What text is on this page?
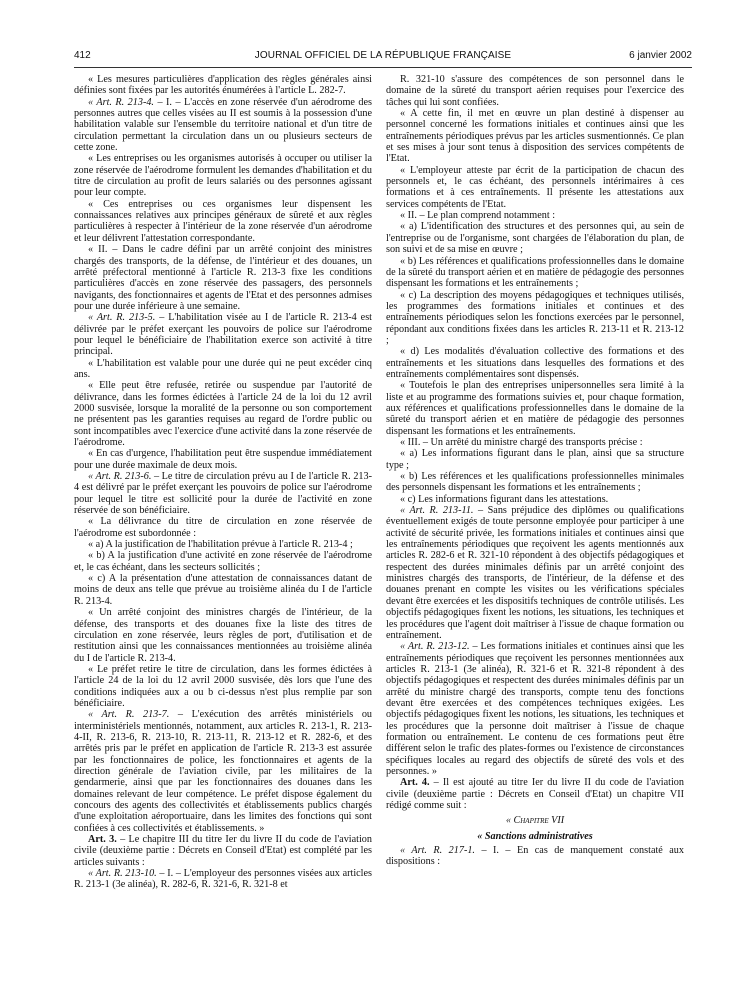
412	JOURNAL OFFICIEL DE LA RÉPUBLIQUE FRANÇAISE	6 janvier 2002

« Les mesures particulières d'application des règles générales ainsi définies sont fixées par les autorités énumérées à l'article L. 282-7.

« Art. R. 213-4. – I. – L'accès en zone réservée d'un aérodrome des personnes autres que celles visées au II est soumis à la possession d'une habilitation valable sur l'ensemble du territoire national et d'un titre de circulation permettant la circulation dans un ou plusieurs secteurs de cette zone.

« Les entreprises ou les organismes autorisés à occuper ou utiliser la zone réservée de l'aérodrome formulent les demandes d'habilitation et du titre de circulation au profit de leurs salariés ou des personnes agissant pour leur compte.

« Ces entreprises ou ces organismes leur dispensent les connaissances relatives aux principes généraux de sûreté et aux règles particulières à respecter à l'intérieur de la zone réservée d'un aérodrome et leur délivrent l'attestation correspondante.

« II. – Dans le cadre défini par un arrêté conjoint des ministres chargés des transports, de la défense, de l'intérieur et des douanes, un arrêté préfectoral mentionné à l'article R. 213-3 fixe les conditions particulières d'accès en zone réservée des passagers, des personnels navigants, des fonctionnaires et agents de l'Etat et des personnes admises pour une durée inférieure à une semaine.

« Art. R. 213-5. – L'habilitation visée au I de l'article R. 213-4 est délivrée par le préfet exerçant les pouvoirs de police sur l'aérodrome pour lequel le bénéficiaire de l'habilitation exerce son activité à titre principal.

« L'habilitation est valable pour une durée qui ne peut excéder cinq ans.

« Elle peut être refusée, retirée ou suspendue par l'autorité de délivrance, dans les formes édictées à l'article 24 de la loi du 12 avril 2000 susvisée, lorsque la moralité de la personne ou son comportement ne présentent pas les garanties requises au regard de l'ordre public ou sont incompatibles avec l'exercice d'une activité dans la zone réservée de l'aérodrome.

« En cas d'urgence, l'habilitation peut être suspendue immédiatement pour une durée maximale de deux mois.

« Art. R. 213-6. – Le titre de circulation prévu au I de l'article R. 213-4 est délivré par le préfet exerçant les pouvoirs de police sur l'aérodrome pour lequel le titre est sollicité pour la durée de l'activité en zone réservée de son bénéficiaire.

« La délivrance du titre de circulation en zone réservée de l'aérodrome est subordonnée :

« a) A la justification de l'habilitation prévue à l'article R. 213-4 ;

« b) A la justification d'une activité en zone réservée de l'aérodrome et, le cas échéant, dans les secteurs sollicités ;

« c) A la présentation d'une attestation de connaissances datant de moins de deux ans telle que prévue au troisième alinéa du I de l'article R. 213-4.

« Un arrêté conjoint des ministres chargés de l'intérieur, de la défense, des transports et des douanes fixe la liste des titres de circulation en zone réservée, leurs règles de port, d'utilisation et de restitution ainsi que les connaissances mentionnées au troisième alinéa du I de l'article R. 213-4.

« Le préfet retire le titre de circulation, dans les formes édictées à l'article 24 de la loi du 12 avril 2000 susvisée, dès lors que l'une des conditions indiquées aux a ou b ci-dessus n'est plus remplie par son bénéficiaire.

« Art. R. 213-7. – L'exécution des arrêtés ministériels ou interministériels mentionnés, notamment, aux articles R. 213-1, R. 213-4-II, R. 213-6, R. 213-10, R. 213-11, R. 213-12 et R. 282-6, et des arrêtés pris par le préfet en application de l'article R. 213-3 est assurée par les fonctionnaires de police, les fonctionnaires et agents de la direction générale de l'aviation civile, par les militaires de la gendarmerie, ainsi que par les fonctionnaires des douanes dans les domaines relevant de leur compétence. Le préfet dispose également du concours des agents des collectivités et établissements publics chargés d'une exploitation aéroportuaire, dans les limites des fonctions qui sont confiées à ces collectivités et établissements. »

Art. 3. – Le chapitre III du titre Ier du livre II du code de l'aviation civile (deuxième partie : Décrets en Conseil d'Etat) est complété par les articles suivants :

« Art. R. 213-10. – I. – L'employeur des personnes visées aux articles R. 213-1 (3e alinéa), R. 282-6, R. 321-6, R. 321-8 et

R. 321-10 s'assure des compétences de son personnel dans le domaine de la sûreté du transport aérien requises pour l'exercice des tâches qui lui sont confiées.

« A cette fin, il met en œuvre un plan destiné à dispenser au personnel concerné les formations initiales et continues ainsi que les entraînements périodiques prévus par les articles susmentionnés. Ce plan et ses mises à jour sont tenus à disposition des services compétents de l'Etat.

« L'employeur atteste par écrit de la participation de chacun des personnels et, le cas échéant, des personnels intérimaires à ces formations et à ces entraînements. Il présente les attestations aux services compétents de l'Etat.

« II. – Le plan comprend notamment :

« a) L'identification des structures et des personnes qui, au sein de l'entreprise ou de l'organisme, sont chargées de l'élaboration du plan, de son suivi et de sa mise en œuvre ;

« b) Les références et qualifications professionnelles dans le domaine de la sûreté du transport aérien et en matière de pédagogie des personnes dispensant les formations et les entraînements ;

« c) La description des moyens pédagogiques et techniques utilisés, les programmes des formations initiales et continues et des entraînements périodiques selon les fonctions exercées par le personnel, répondant aux conditions fixées dans les articles R. 213-11 et R. 213-12 ;

« d) Les modalités d'évaluation collective des formations et des entraînements et les situations dans lesquelles des formations et des entraînements complémentaires sont dispensés.

« Toutefois le plan des entreprises unipersonnelles sera limité à la liste et au programme des formations suivies et, pour chaque formation, aux références et qualifications professionnelles dans le domaine de la sûreté du transport aérien et en matière de pédagogie des personnes dispensant les formations et les entraînements.

« III. – Un arrêté du ministre chargé des transports précise :

« a) Les informations figurant dans le plan, ainsi que sa structure type ;

« b) Les références et les qualifications professionnelles minimales des personnels dispensant les formations et les entraînements ;

« c) Les informations figurant dans les attestations.

« Art. R. 213-11. – Sans préjudice des diplômes ou qualifications éventuellement exigés de toute personne employée pour participer à une activité de sécurité privée, les formations initiales et continues ainsi que les entraînements périodiques que reçoivent les agents mentionnés aux articles R. 282-6 et R. 321-10 répondent à des objectifs pédagogiques et respectent des durées minimales définis par un arrêté conjoint des ministres chargés des transports, de l'intérieur, de la défense et des douanes prenant en compte les visites ou les vérifications spéciales devant être exercées et les dispositifs techniques de contrôle utilisés. Les objectifs pédagogiques fixent les notions, les situations, les techniques et les procédures que l'agent doit maîtriser à l'issue de chaque formation ou entraînement.

« Art. R. 213-12. – Les formations initiales et continues ainsi que les entraînements périodiques que reçoivent les personnes mentionnées aux articles R. 213-1 (3e alinéa), R. 321-6 et R. 321-8 répondent à des objectifs pédagogiques et respectent des durées minimales définis par un arrêté du ministre chargé des transports, compte tenu des fonctions devant être exercées et des compétences techniques exigées. Les objectifs pédagogiques fixent les notions, les situations, les techniques et les procédures que la personne doit maîtriser à l'issue de chaque formation ou entraînement. Le contenu de ces formations peut être différent selon le trafic des plates-formes ou l'existence de circonstances spécifiques locales au regard des objectifs de sûreté des vols et des personnes. »

Art. 4. – Il est ajouté au titre Ier du livre II du code de l'aviation civile (deuxième partie : Décrets en Conseil d'Etat) un chapitre VII rédigé comme suit :

« Chapitre VII

« Sanctions administratives

« Art. R. 217-1. – I. – En cas de manquement constaté aux dispositions :
